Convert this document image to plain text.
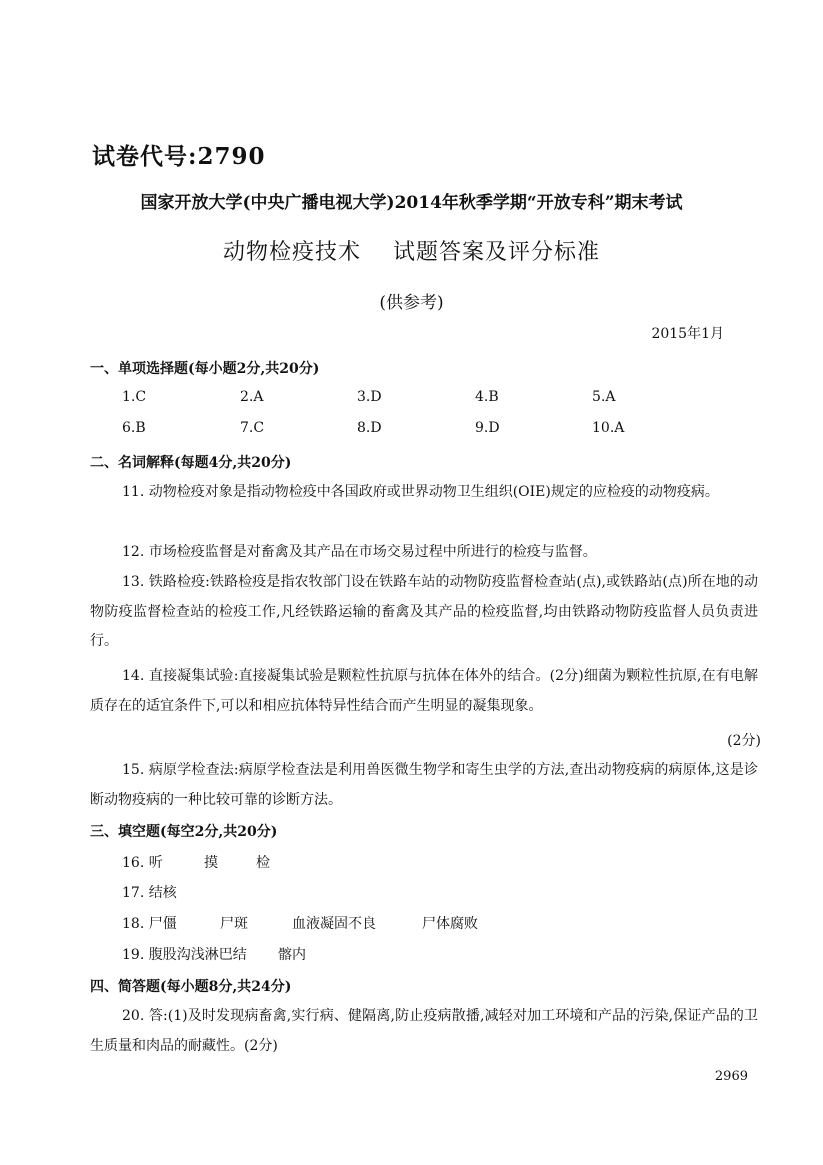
试卷代号:2790
国家开放大学(中央广播电视大学)2014年秋季学期“开放专科”期末考试
动物检疫技术    试题答案及评分标准
(供参考)
2015年1月
一、单项选择题(每小题2分,共20分)
1.C	2.A	3.D	4.B	5.A
6.B	7.C	8.D	9.D	10.A
二、名词解释(每题4分,共20分)
11. 动物检疫对象是指动物检疫中各国政府或世界动物卫生组织(OIE)规定的应检疫的动物疫病。
12. 市场检疫监督是对畜禽及其产品在市场交易过程中所进行的检疫与监督。
13. 铁路检疫:铁路检疫是指农牧部门设在铁路车站的动物防疫监督检查站(点),或铁路站(点)所在地的动物防疫监督检查站的检疫工作,凡经铁路运输的畜禽及其产品的检疫监督,均由铁路动物防疫监督人员负责进行。
14. 直接凝集试验:直接凝集试验是颗粒性抗原与抗体在体外的结合。(2分)细菌为颗粒性抗原,在有电解质存在的适宜条件下,可以和相应抗体特异性结合而产生明显的凝集现象。
(2分)
15. 病原学检查法:病原学检查法是利用兽医微生物学和寄生虫学的方法,查出动物疫病的病原体,这是诊断动物疫病的一种比较可靠的诊断方法。
三、填空题(每空2分,共20分)
16. 听	摸	检
17. 结核
18. 尸僵	尸斑	血液凝固不良	尸体腐败
19. 腹股沟浅淋巴结 髂内
四、简答题(每小题8分,共24分)
20. 答:(1)及时发现病畜禽,实行病、健隔离,防止疫病散播,减轻对加工环境和产品的污染,保证产品的卫生质量和肉品的耐藏性。(2分)
2969
